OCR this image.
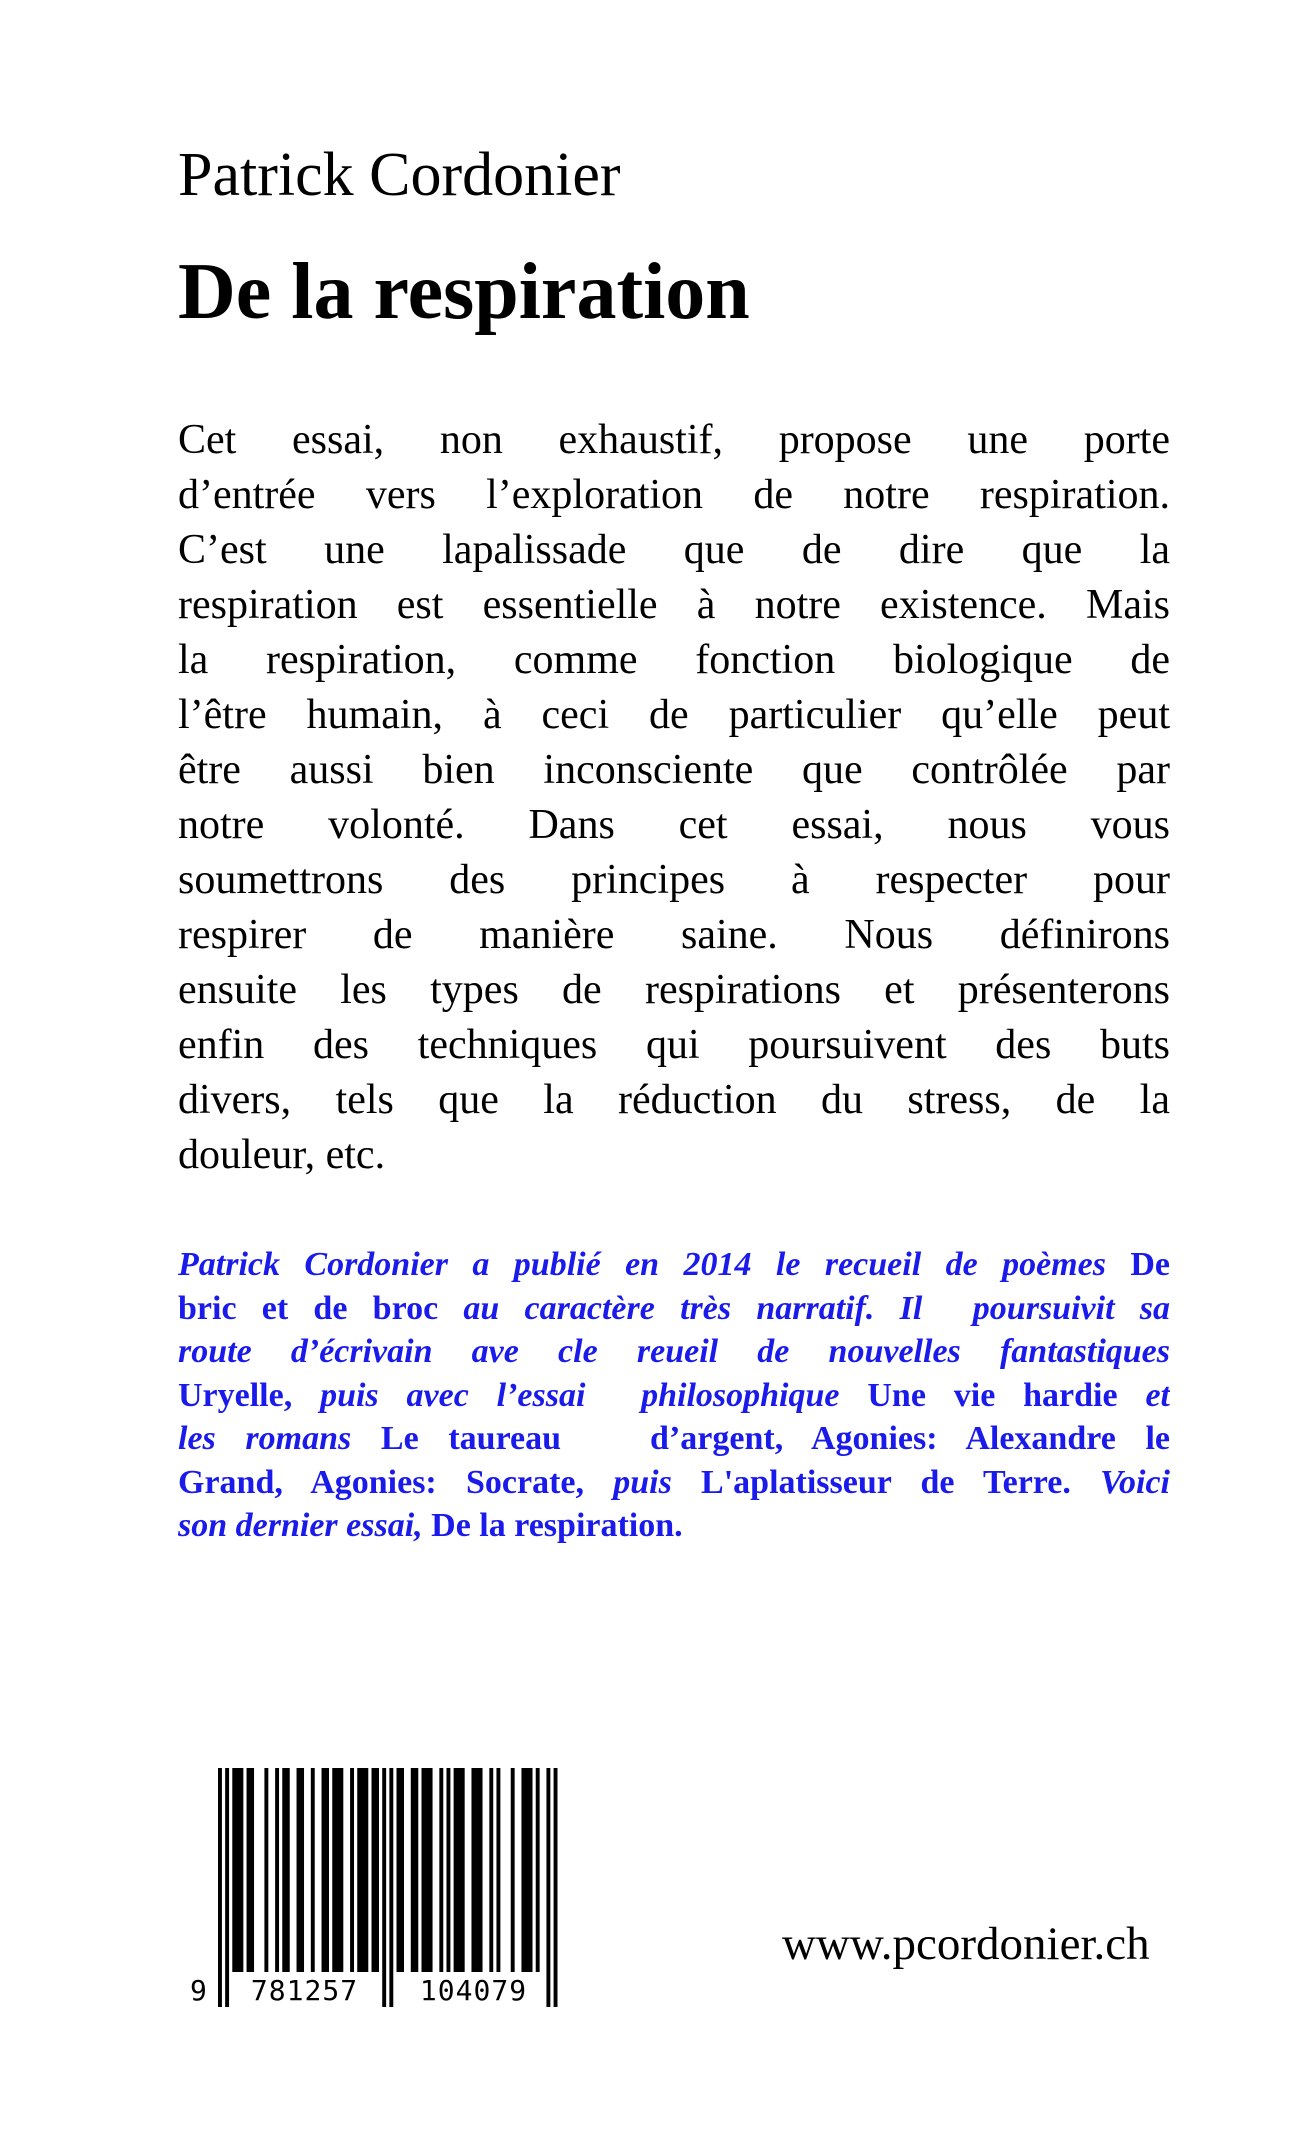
Patrick Cordonier
De la respiration
Cet essai, non exhaustif, propose une porte
d’entrée vers l’exploration de notre respiration.
C’est une lapalissade que de dire que la
respiration est essentielle à notre existence. Mais
la respiration, comme fonction biologique de
l’être humain, à ceci de particulier qu’elle peut
être aussi bien inconsciente que contrôlée par
notre volonté. Dans cet essai, nous vous
soumettrons des principes à respecter pour
respirer de manière saine. Nous définirons
ensuite les types de respirations et présenterons
enfin des techniques qui poursuivent des buts
divers, tels que la réduction du stress, de la
douleur, etc.
Patrick Cordonier a publié en 2014 le recueil de poèmes De
bric et de broc au caractère très narratif. Il  poursuivit sa
route d’écrivain ave cle reueil de nouvelles fantastiques
Uryelle, puis avec l’essai  philosophique Une vie hardie et
les romans Le taureau   d’argent, Agonies: Alexandre le
Grand, Agonies: Socrate, puis L'aplatisseur de Terre. Voici
son dernier essai, De la respiration.
9	781257	104079
www.pcordonier.ch
